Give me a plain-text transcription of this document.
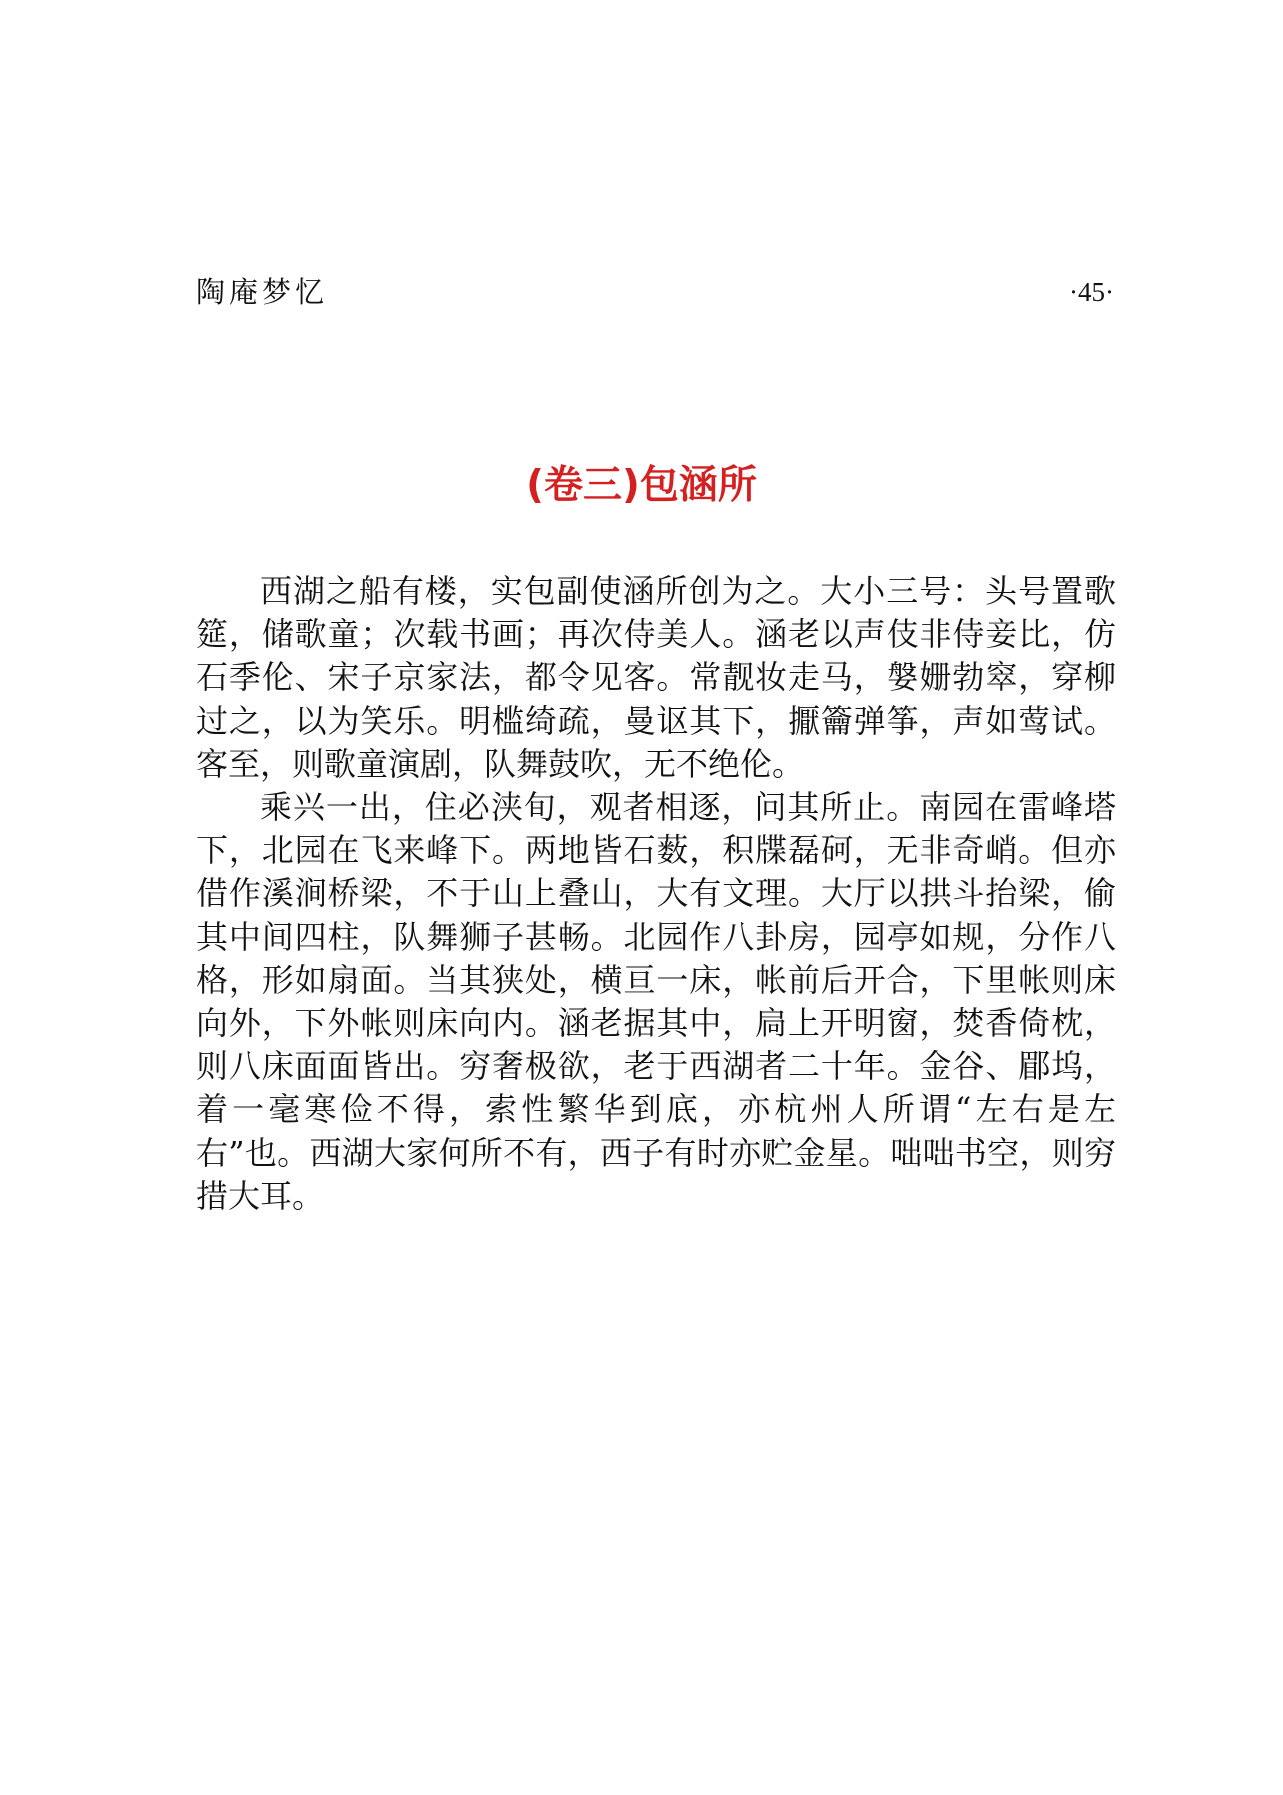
陶庵梦忆	·45·
(卷三)包涵所

西湖之船有楼，实包副使涵所创为之。大小三号：头号置歌筵，储歌童；次载书画；再次侍美人。涵老以声伎非侍妾比，仿石季伦、宋子京家法，都令见客。常靓妆走马，媻姗勃窣，穿柳过之，以为笑乐。明槛绮疏，曼讴其下，擫籥弹筝，声如莺试。客至，则歌童演剧，队舞鼓吹，无不绝伦。

乘兴一出，住必浃旬，观者相逐，问其所止。南园在雷峰塔下，北园在飞来峰下。两地皆石薮，积牒磊砢，无非奇峭。但亦借作溪涧桥梁，不于山上叠山，大有文理。大厅以拱斗抬梁，偷其中间四柱，队舞狮子甚畅。北园作八卦房，园亭如规，分作八格，形如扇面。当其狭处，横亘一床，帐前后开合，下里帐则床向外，下外帐则床向内。涵老据其中，扃上开明窗，焚香倚枕，则八床面面皆出。穷奢极欲，老于西湖者二十年。金谷、郿坞，着一毫寒俭不得，索性繁华到底，亦杭州人所谓“左右是左右”也。西湖大家何所不有，西子有时亦贮金星。咄咄书空，则穷措大耳。
